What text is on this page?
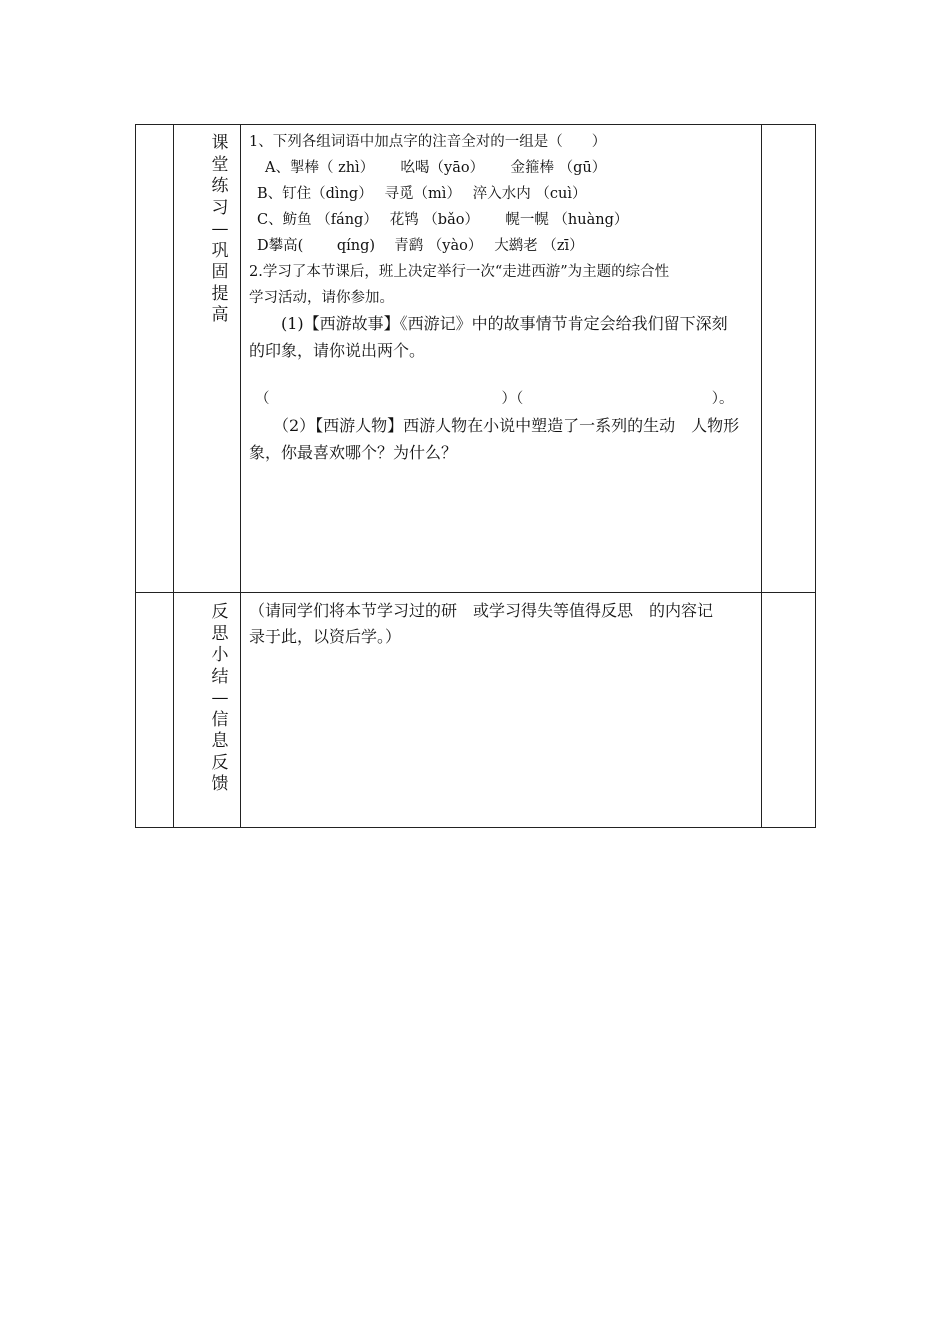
课
堂
练
习
—
巩
固
提
高
1、下列各组词语中加点字的注音全对的一组是（　　）
A、掣棒（ zhì）　　 吆喝（yāo）　　 金箍棒 （gū）
B、钉住（dìng）　 寻觅（mì）　 淬入水内 （cuì）
C、鲂鱼 （fáng）　 花鸨 （bǎo）　　 幌一幌 （huàng）
D攀高(　　 qíng)　 青鹞 （yào）　 大鹚老 （zī）
2.学习了本节课后，班上决定举行一次“走进西游”为主题的综合性
学习活动，请你参加。
　　(1)【西游故事】《西游记》中的故事情节肯定会给我们留下深刻
的印象，请你说出两个。
（　　　　　　　　　　　　　　　　）（　　　　　　　　　　　　　）。
　　（2）【西游人物】西游人物在小说中塑造了一系列的生动　人物形
象，你最喜欢哪个？为什么？
反
思
小
结
—
信
息
反
馈
（请同学们将本节学习过的研　或学习得失等值得反思　的内容记
录于此，以资后学。）
